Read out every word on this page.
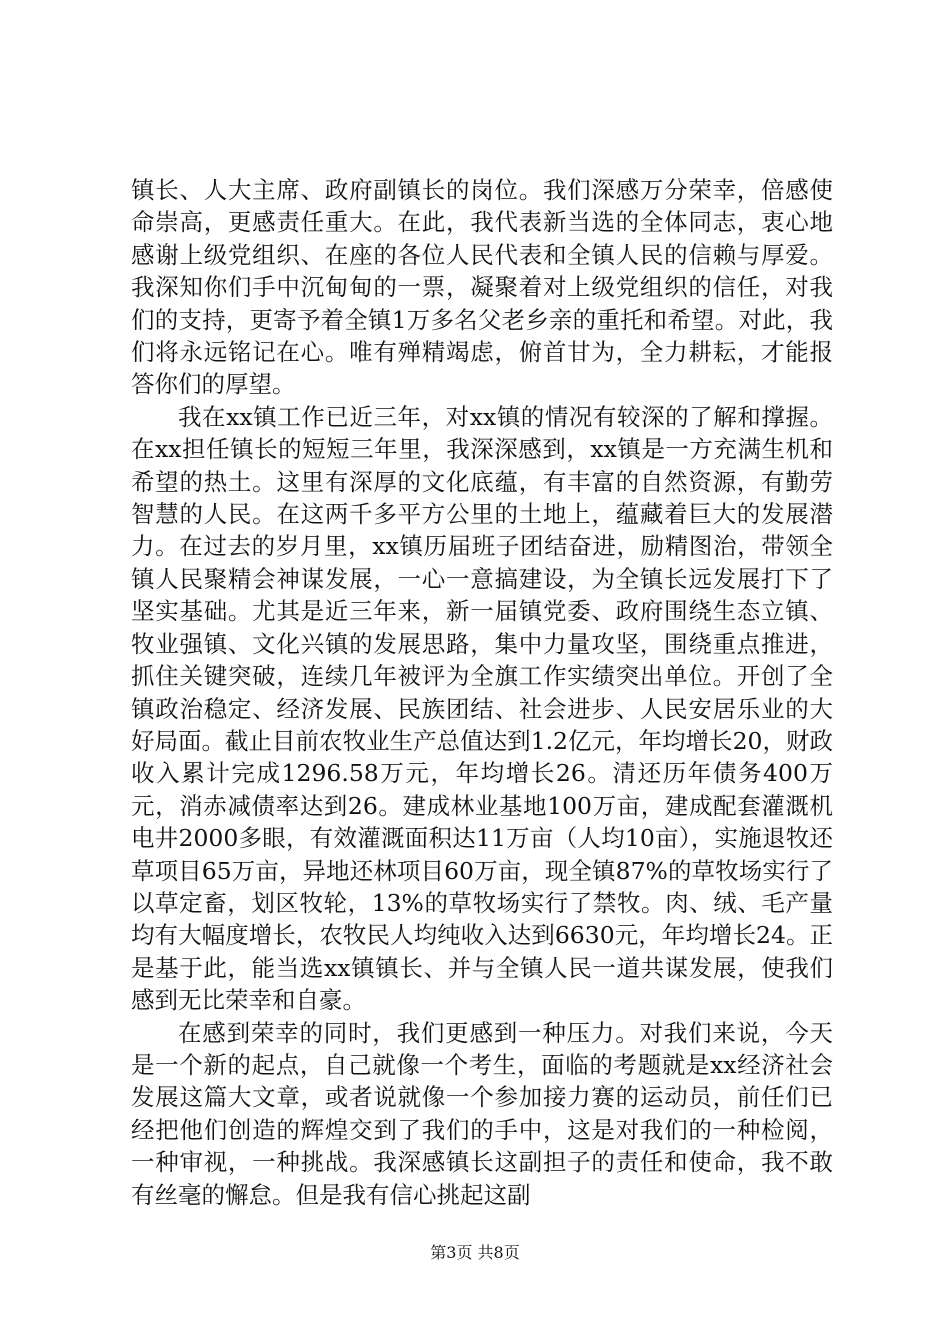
镇长、人大主席、政府副镇长的岗位。我们深感万分荣幸，倍感使命崇高，更感责任重大。在此，我代表新当选的全体同志，衷心地感谢上级党组织、在座的各位人民代表和全镇人民的信赖与厚爱。我深知你们手中沉甸甸的一票，凝聚着对上级党组织的信任，对我们的支持，更寄予着全镇1万多名父老乡亲的重托和希望。对此，我们将永远铭记在心。唯有殚精竭虑，俯首甘为，全力耕耘，才能报答你们的厚望。

我在xx镇工作已近三年，对xx镇的情况有较深的了解和撑握。在xx担任镇长的短短三年里，我深深感到，xx镇是一方充满生机和希望的热土。这里有深厚的文化底蕴，有丰富的自然资源，有勤劳智慧的人民。在这两千多平方公里的土地上，蕴藏着巨大的发展潜力。在过去的岁月里，xx镇历届班子团结奋进，励精图治，带领全镇人民聚精会神谋发展，一心一意搞建设，为全镇长远发展打下了坚实基础。尤其是近三年来，新一届镇党委、政府围绕生态立镇、牧业强镇、文化兴镇的发展思路，集中力量攻坚，围绕重点推进，抓住关键突破，连续几年被评为全旗工作实绩突出单位。开创了全镇政治稳定、经济发展、民族团结、社会进步、人民安居乐业的大好局面。截止目前农牧业生产总值达到1.2亿元，年均增长20，财政收入累计完成1296.58万元，年均增长26。清还历年债务400万元，消赤减债率达到26。建成林业基地100万亩，建成配套灌溉机电井2000多眼，有效灌溉面积达11万亩（人均10亩），实施退牧还草项目65万亩，异地还林项目60万亩，现全镇87%的草牧场实行了以草定畜，划区牧轮，13%的草牧场实行了禁牧。肉、绒、毛产量均有大幅度增长，农牧民人均纯收入达到6630元，年均增长24。正是基于此，能当选xx镇镇长、并与全镇人民一道共谋发展，使我们感到无比荣幸和自豪。

在感到荣幸的同时，我们更感到一种压力。对我们来说，今天是一个新的起点，自己就像一个考生，面临的考题就是xx经济社会发展这篇大文章，或者说就像一个参加接力赛的运动员，前任们已经把他们创造的辉煌交到了我们的手中，这是对我们的一种检阅，一种审视，一种挑战。我深感镇长这副担子的责任和使命，我不敢有丝毫的懈怠。但是我有信心挑起这副

第3页 共8页
